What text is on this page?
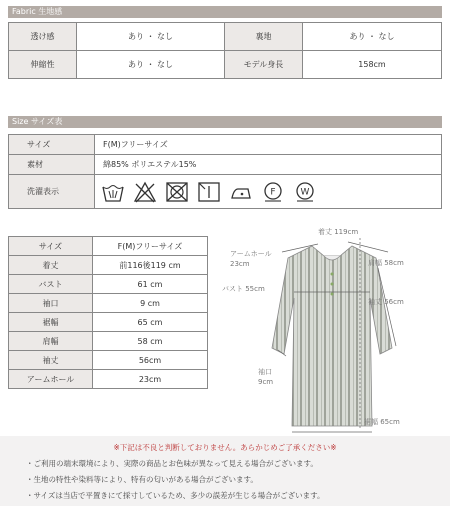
Fabric 生地感
透け感	あり ・ なし	裏地	あり ・ なし
伸縮性	あり ・ なし	モデル身長	158cm
Size サイズ表
サイズ	F(M)フリーサイズ
素材	綿85% ポリエステル15%
洗濯表示	F W
サイズ	F(M)フリーサイズ
着丈	前116後119 cm
バスト	61 cm
袖口	9 cm
裾幅	65 cm
肩幅	58 cm
袖丈	56cm
アームホール	23cm
着丈 119cm
アームホール
23cm	肩幅 58cm
バスト 55cm
袖丈 56cm
袖口
9cm
裾幅 65cm
※下記は不良と判断しておりません。あらかじめご了承ください※
・ご利用の端末環境により、実際の商品とお色味が異なって見える場合がございます。
・生地の特性や染料等により、特有の匂いがある場合がございます。
・サイズは当店で平置きにて採寸しているため、多少の誤差が生じる場合がございます。
